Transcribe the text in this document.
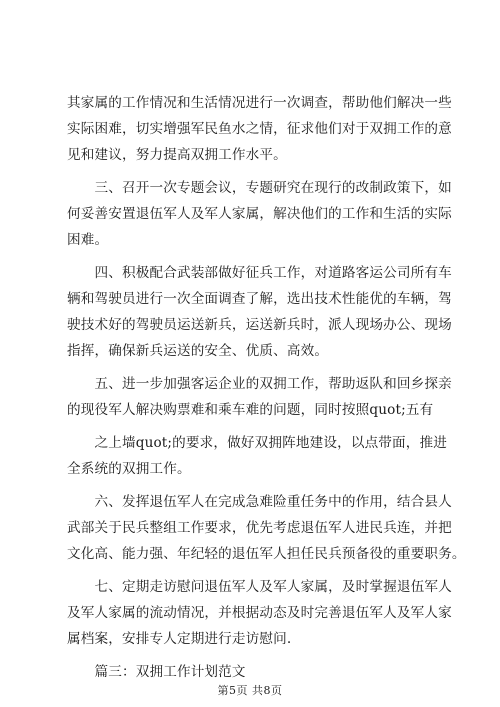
其家属的工作情况和生活情况进行一次调查，帮助他们解决一些
实际困难，切实增强军民鱼水之情，征求他们对于双拥工作的意
见和建议，努力提高双拥工作水平。

　　三、召开一次专题会议，专题研究在现行的改制政策下，如
何妥善安置退伍军人及军人家属，解决他们的工作和生活的实际
困难。

　　四、积极配合武装部做好征兵工作，对道路客运公司所有车
辆和驾驶员进行一次全面调查了解，选出技术性能优的车辆，驾
驶技术好的驾驶员运送新兵，运送新兵时，派人现场办公、现场
指挥，确保新兵运送的安全、优质、高效。

　　五、进一步加强客运企业的双拥工作，帮助返队和回乡探亲
的现役军人解决购票难和乘车难的问题，同时按照quot;五有

　　之上墙quot;的要求，做好双拥阵地建设，以点带面，推进
全系统的双拥工作。

　　六、发挥退伍军人在完成急难险重任务中的作用，结合县人
武部关于民兵整组工作要求，优先考虑退伍军人进民兵连，并把
文化高、能力强、年纪轻的退伍军人担任民兵预备役的重要职务。

　　七、定期走访慰问退伍军人及军人家属，及时掌握退伍军人
及军人家属的流动情况，并根据动态及时完善退伍军人及军人家
属档案，安排专人定期进行走访慰问.

　　篇三：双拥工作计划范文

第5页 共8页
